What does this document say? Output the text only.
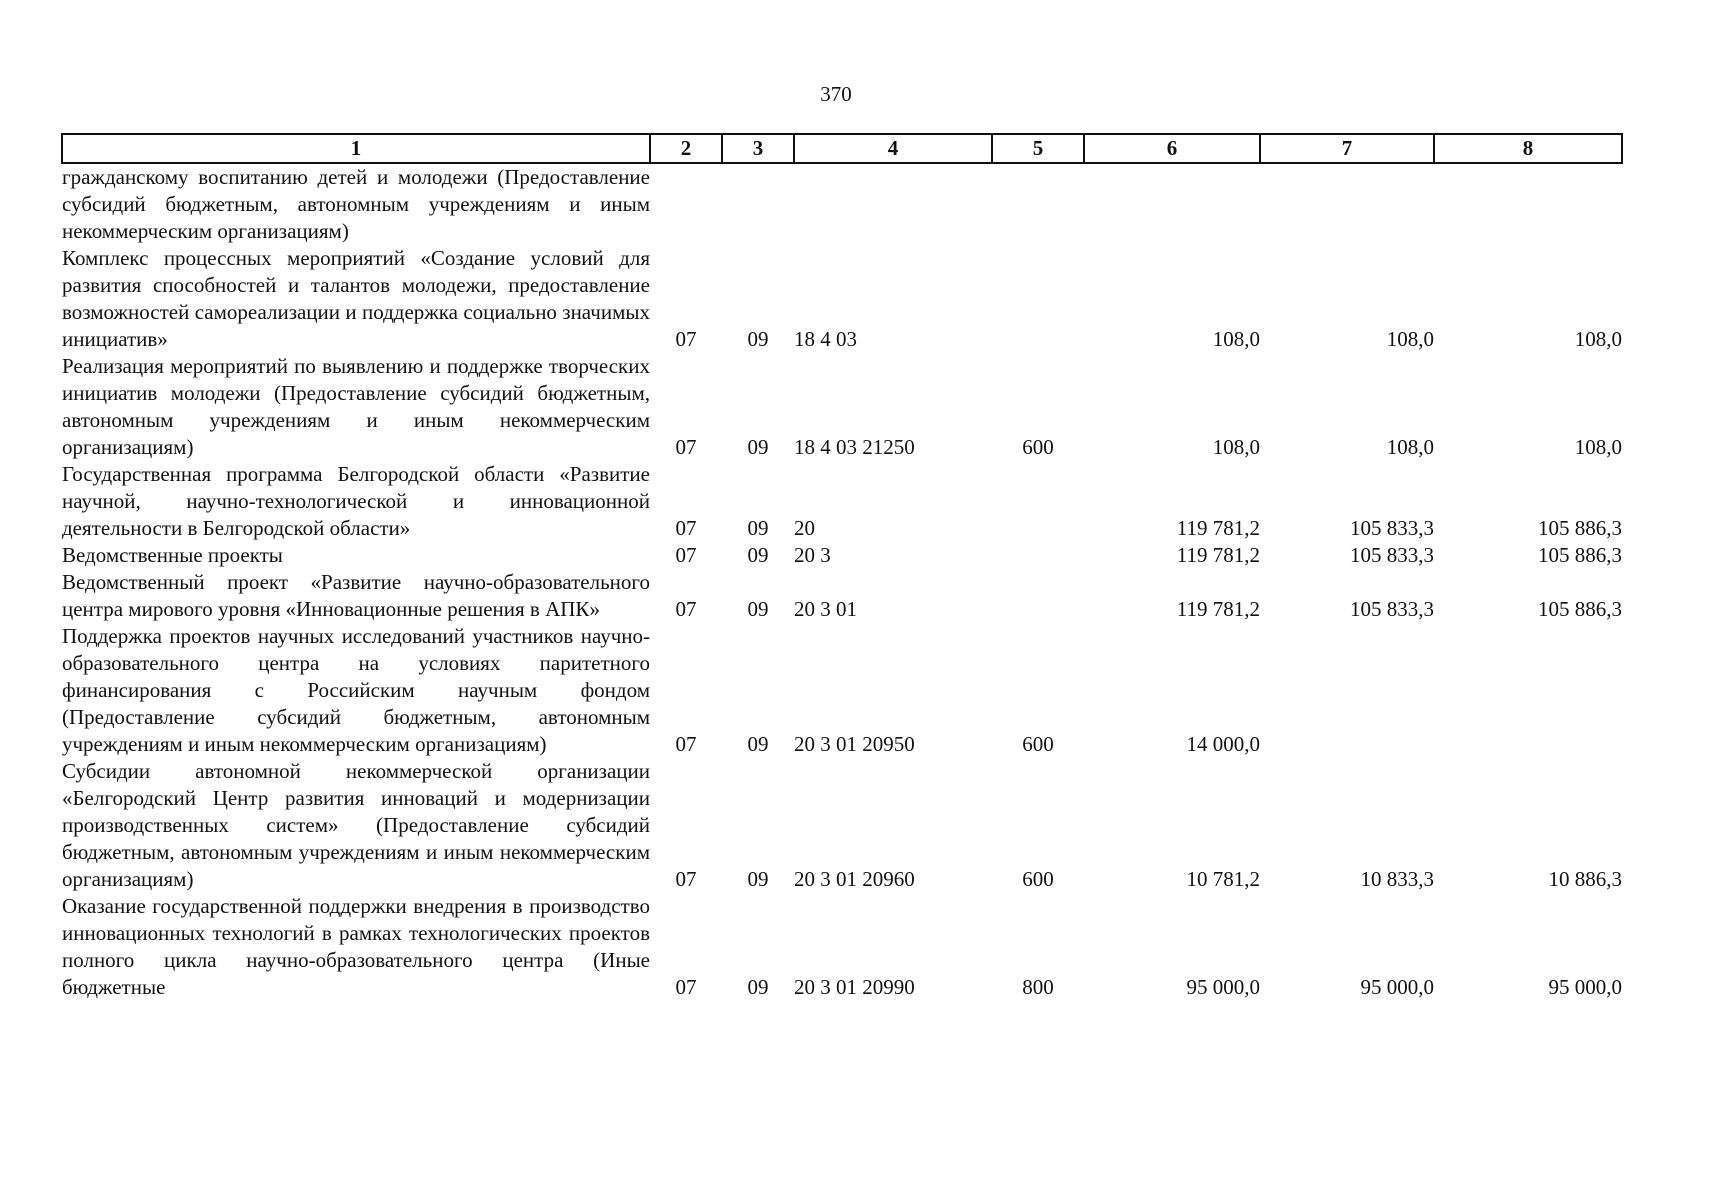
370
1	2	3	4	5	6	7	8
гражданскому воспитанию детей и молодежи (Предоставление субсидий бюджетным, автономным учреждениям и иным некоммерческим организациям)							
Комплекс процессных мероприятий «Создание условий для развития способностей и талантов молодежи, предоставление возможностей самореализации и поддержка социально значимых инициатив»	07	09	18 4 03		108,0	108,0	108,0
Реализация мероприятий по выявлению и поддержке творческих инициатив молодежи (Предоставление субсидий бюджетным, автономным учреждениям и иным некоммерческим организациям)	07	09	18 4 03 21250	600	108,0	108,0	108,0
Государственная программа Белгородской области «Развитие научной, научно-технологической и инновационной деятельности в Белгородской области»	07	09	20		119 781,2	105 833,3	105 886,3
Ведомственные проекты	07	09	20 3		119 781,2	105 833,3	105 886,3
Ведомственный проект «Развитие научно-образовательного центра мирового уровня «Инновационные решения в АПК»	07	09	20 3 01		119 781,2	105 833,3	105 886,3
Поддержка проектов научных исследований участников научно-образовательного центра на условиях паритетного финансирования с Российским научным фондом (Предоставление субсидий бюджетным, автономным учреждениям и иным некоммерческим организациям)	07	09	20 3 01 20950	600	14 000,0		
Субсидии автономной некоммерческой организации «Белгородский Центр развития инноваций и модернизации производственных систем» (Предоставление субсидий бюджетным, автономным учреждениям и иным некоммерческим организациям)	07	09	20 3 01 20960	600	10 781,2	10 833,3	10 886,3
Оказание государственной поддержки внедрения в производство инновационных технологий в рамках технологических проектов полного цикла научно-образовательного центра (Иные бюджетные	07	09	20 3 01 20990	800	95 000,0	95 000,0	95 000,0
